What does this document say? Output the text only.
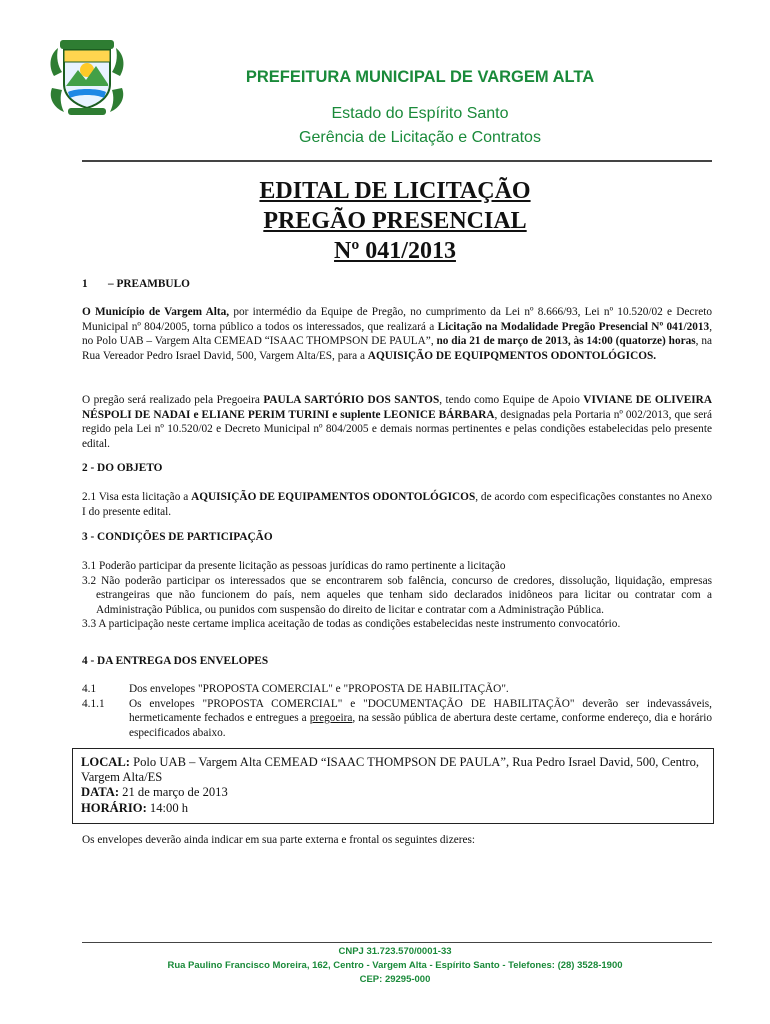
PREFEITURA MUNICIPAL DE VARGEM ALTA
Estado do Espírito Santo
Gerência de Licitação e Contratos
EDITAL DE LICITAÇÃO
PREGÃO PRESENCIAL
Nº 041/2013
1 – PREAMBULO

O Município de Vargem Alta, por intermédio da Equipe de Pregão, no cumprimento da Lei nº 8.666/93, Lei nº 10.520/02 e Decreto Municipal nº 804/2005, torna público a todos os interessados, que realizará a Licitação na Modalidade Pregão Presencial Nº 041/2013, no Polo UAB – Vargem Alta CEMEAD “ISAAC THOMPSON DE PAULA”, no dia 21 de março de 2013, às 14:00 (quatorze) horas, na Rua Vereador Pedro Israel David, 500, Vargem Alta/ES, para a AQUISIÇÃO DE EQUIPQMENTOS ODONTOLÓGICOS.

O pregão será realizado pela Pregoeira PAULA SARTÓRIO DOS SANTOS, tendo como Equipe de Apoio VIVIANE DE OLIVEIRA NÉSPOLI DE NADAI e ELIANE PERIM TURINI e suplente LEONICE BÁRBARA, designadas pela Portaria nº 002/2013, que será regido pela Lei nº 10.520/02 e Decreto Municipal nº 804/2005 e demais normas pertinentes e pelas condições estabelecidas pelo presente edital.

2 - DO OBJETO

2.1 Visa esta licitação a AQUISIÇÃO DE EQUIPAMENTOS ODONTOLÓGICOS, de acordo com especificações constantes no Anexo I do presente edital.

3 - CONDIÇÕES DE PARTICIPAÇÃO
3.1 Poderão participar da presente licitação as pessoas jurídicas do ramo pertinente a licitação
3.2 Não poderão participar os interessados que se encontrarem sob falência, concurso de credores, dissolução, liquidação, empresas estrangeiras que não funcionem do país, nem aqueles que tenham sido declarados inidôneos para licitar ou contratar com a Administração Pública, ou punidos com suspensão do direito de licitar e contratar com a Administração Pública.
3.3 A participação neste certame implica aceitação de todas as condições estabelecidas neste instrumento convocatório.
4 - DA ENTREGA DOS ENVELOPES
4.1	Dos envelopes "PROPOSTA COMERCIAL" e "PROPOSTA DE HABILITAÇÃO".
4.1.1	Os envelopes "PROPOSTA COMERCIAL" e "DOCUMENTAÇÃO DE HABILITAÇÃO" deverão ser indevassáveis, hermeticamente fechados e entregues a pregoeira, na sessão pública de abertura deste certame, conforme endereço, dia e horário especificados abaixo.

LOCAL: Polo UAB – Vargem Alta CEMEAD “ISAAC THOMPSON DE PAULA”, Rua Pedro Israel David, 500, Centro, Vargem Alta/ES

DATA: 21 de março de 2013

HORÁRIO: 14:00 h

Os envelopes deverão ainda indicar em sua parte externa e frontal os seguintes dizeres:
CNPJ 31.723.570/0001-33
Rua Paulino Francisco Moreira, 162, Centro - Vargem Alta - Espírito Santo - Telefones: (28) 3528-1900
CEP: 29295-000
